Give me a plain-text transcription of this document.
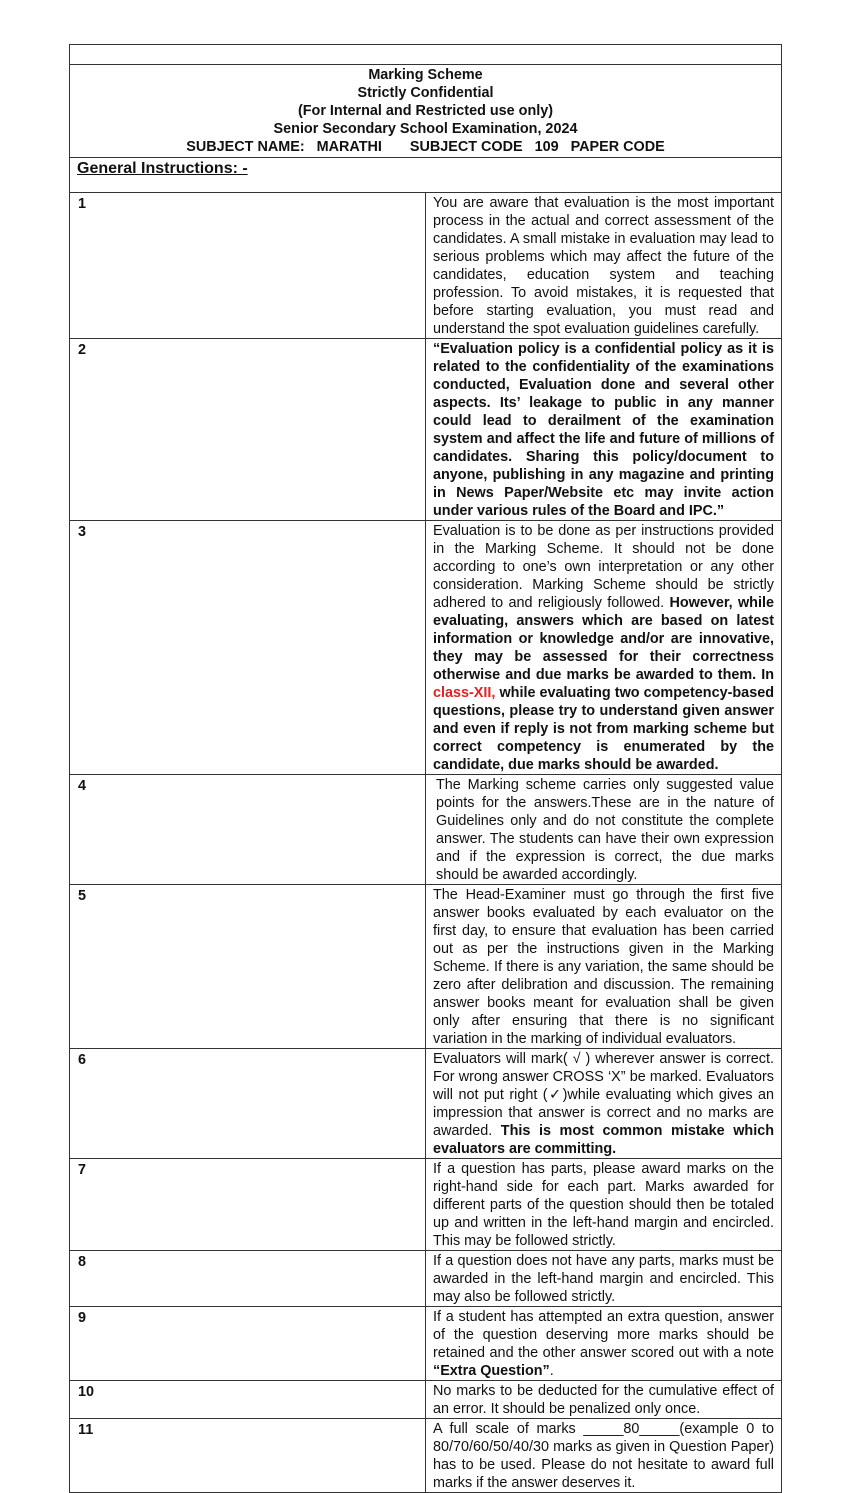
Marking Scheme
Strictly Confidential
(For Internal and Restricted use only)
Senior Secondary School Examination, 2024
SUBJECT NAME:   MARATHI       SUBJECT CODE   109   PAPER CODE	

General Instructions: -	

1	You are aware that evaluation is the most important process in the actual and correct assessment of the candidates. A small mistake in evaluation may lead to serious problems which may affect the future of the candidates, education system and teaching profession. To avoid mistakes, it is requested that before starting evaluation, you must read and understand the spot evaluation guidelines carefully.

2	“Evaluation policy is a confidential policy as it is related to the confidentiality of the examinations conducted, Evaluation done and several other aspects. Its’ leakage to public in any manner could lead to derailment of the examination system and affect the life and future of millions of candidates. Sharing this policy/document to anyone, publishing in any magazine and printing in News Paper/Website etc may invite action under various rules of the Board and IPC.”

3	Evaluation is to be done as per instructions provided in the Marking Scheme. It should not be done according to one’s own interpretation or any other consideration. Marking Scheme should be strictly adhered to and religiously followed. However, while evaluating, answers which are based on latest information or knowledge and/or are innovative, they may be assessed for their correctness otherwise and due marks be awarded to them. In class-XII, while evaluating two competency-based questions, please try to understand given answer and even if reply is not from marking scheme but correct competency is enumerated by the candidate, due marks should be awarded.

4	The Marking scheme carries only suggested value points for the answers.These are in the nature of Guidelines only and do not constitute the complete answer. The students can have their own expression and if the expression is correct, the due marks should be awarded accordingly.

5	The Head-Examiner must go through the first five answer books evaluated by each evaluator on the first day, to ensure that evaluation has been carried out as per the instructions given in the Marking Scheme. If there is any variation, the same should be zero after delibration and discussion. The remaining answer books meant for evaluation shall be given only after ensuring that there is no significant variation in the marking of individual evaluators.

6	Evaluators will mark( √ ) wherever answer is correct. For wrong answer CROSS ‘X” be marked. Evaluators will not put right (✓)while evaluating which gives an impression that answer is correct and no marks are awarded. This is most common mistake which evaluators are committing.

7	If a question has parts, please award marks on the right-hand side for each part. Marks awarded for different parts of the question should then be totaled up and written in the left-hand margin and encircled. This may be followed strictly.

8	If a question does not have any parts, marks must be awarded in the left-hand margin and encircled. This may also be followed strictly.

9	If a student has attempted an extra question, answer of the question deserving more marks should be retained and the other answer scored out with a note “Extra Question”.

10	No marks to be deducted for the cumulative effect of an error. It should be penalized only once.

11	A full scale of marks _____80_____(example 0 to 80/70/60/50/40/30 marks as given in Question Paper) has to be used. Please do not hesitate to award full marks if the answer deserves it.
